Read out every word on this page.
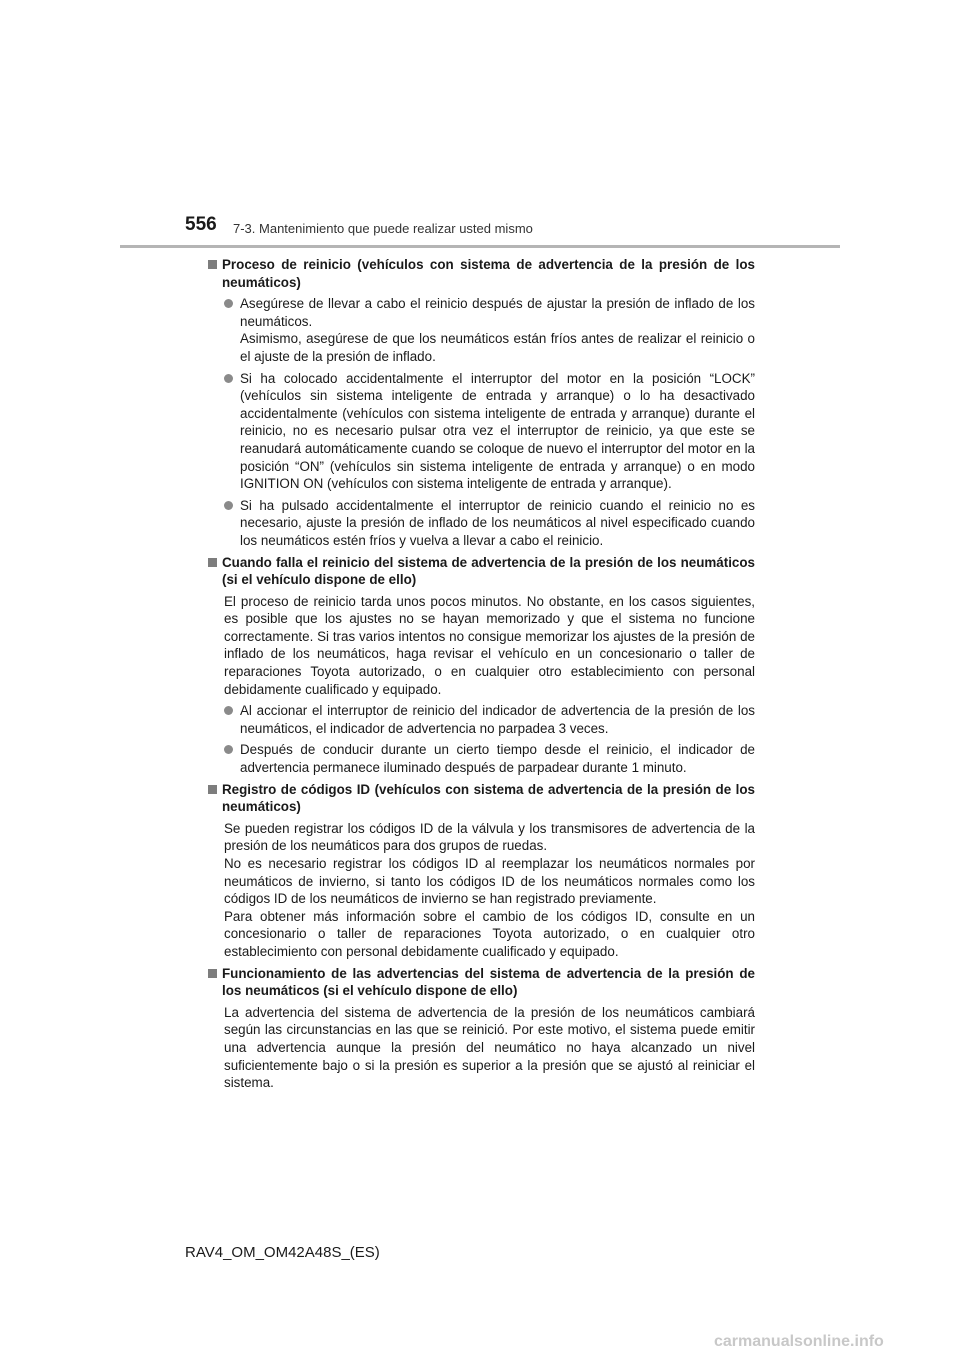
556 7-3. Mantenimiento que puede realizar usted mismo
Proceso de reinicio (vehículos con sistema de advertencia de la presión de los neumáticos)
Asegúrese de llevar a cabo el reinicio después de ajustar la presión de inflado de los neumáticos.
Asimismo, asegúrese de que los neumáticos están fríos antes de realizar el reinicio o el ajuste de la presión de inflado.
Si ha colocado accidentalmente el interruptor del motor en la posición “LOCK” (vehículos sin sistema inteligente de entrada y arranque) o lo ha desactivado accidentalmente (vehículos con sistema inteligente de entrada y arranque) durante el reinicio, no es necesario pulsar otra vez el interruptor de reinicio, ya que este se reanudará automáticamente cuando se coloque de nuevo el interruptor del motor en la posición “ON” (vehículos sin sistema inteligente de entrada y arranque) o en modo IGNITION ON (vehículos con sistema inteligente de entrada y arranque).
Si ha pulsado accidentalmente el interruptor de reinicio cuando el reinicio no es necesario, ajuste la presión de inflado de los neumáticos al nivel especificado cuando los neumáticos estén fríos y vuelva a llevar a cabo el reinicio.
Cuando falla el reinicio del sistema de advertencia de la presión de los neumáticos (si el vehículo dispone de ello)
El proceso de reinicio tarda unos pocos minutos. No obstante, en los casos siguientes, es posible que los ajustes no se hayan memorizado y que el sistema no funcione correctamente. Si tras varios intentos no consigue memorizar los ajustes de la presión de inflado de los neumáticos, haga revisar el vehículo en un concesionario o taller de reparaciones Toyota autorizado, o en cualquier otro establecimiento con personal debidamente cualificado y equipado.
Al accionar el interruptor de reinicio del indicador de advertencia de la presión de los neumáticos, el indicador de advertencia no parpadea 3 veces.
Después de conducir durante un cierto tiempo desde el reinicio, el indicador de advertencia permanece iluminado después de parpadear durante 1 minuto.
Registro de códigos ID (vehículos con sistema de advertencia de la presión de los neumáticos)
Se pueden registrar los códigos ID de la válvula y los transmisores de advertencia de la presión de los neumáticos para dos grupos de ruedas.
No es necesario registrar los códigos ID al reemplazar los neumáticos normales por neumáticos de invierno, si tanto los códigos ID de los neumáticos normales como los códigos ID de los neumáticos de invierno se han registrado previamente.
Para obtener más información sobre el cambio de los códigos ID, consulte en un concesionario o taller de reparaciones Toyota autorizado, o en cualquier otro establecimiento con personal debidamente cualificado y equipado.
Funcionamiento de las advertencias del sistema de advertencia de la presión de los neumáticos (si el vehículo dispone de ello)
La advertencia del sistema de advertencia de la presión de los neumáticos cambiará según las circunstancias en las que se reinició. Por este motivo, el sistema puede emitir una advertencia aunque la presión del neumático no haya alcanzado un nivel suficientemente bajo o si la presión es superior a la presión que se ajustó al reiniciar el sistema.
RAV4_OM_OM42A48S_(ES)
carmanualsonline.info
